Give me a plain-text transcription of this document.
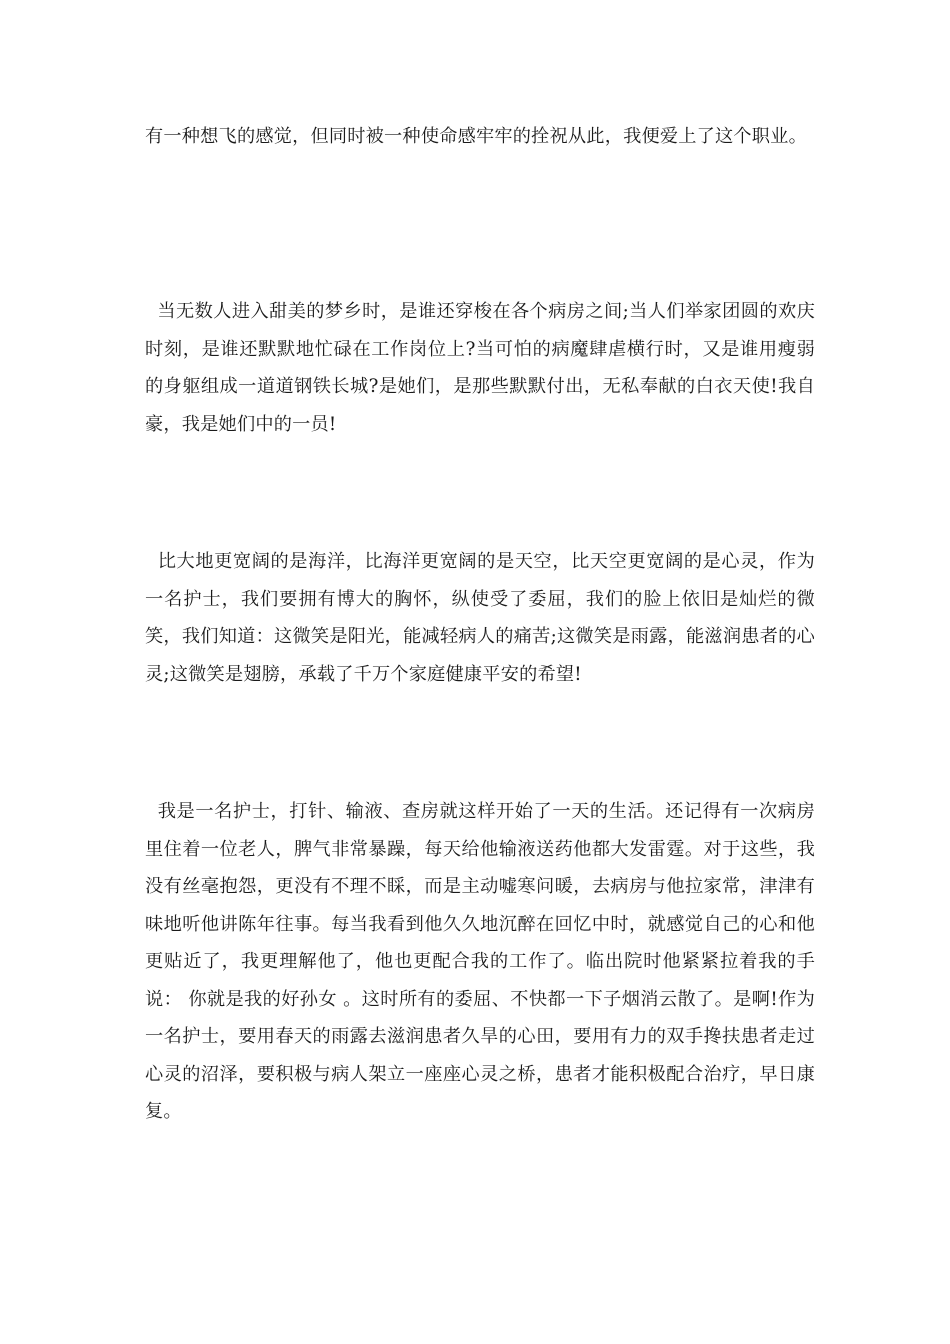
有一种想飞的感觉，但同时被一种使命感牢牢的拴祝从此，我便爱上了这个职业。

当无数人进入甜美的梦乡时，是谁还穿梭在各个病房之间;当人们举家团圆的欢庆时刻，是谁还默默地忙碌在工作岗位上?当可怕的病魔肆虐横行时，又是谁用瘦弱的身躯组成一道道钢铁长城?是她们，是那些默默付出，无私奉献的白衣天使!我自豪，我是她们中的一员!

比大地更宽阔的是海洋，比海洋更宽阔的是天空，比天空更宽阔的是心灵，作为一名护士，我们要拥有博大的胸怀，纵使受了委屈，我们的脸上依旧是灿烂的微笑，我们知道：这微笑是阳光，能减轻病人的痛苦;这微笑是雨露，能滋润患者的心灵;这微笑是翅膀，承载了千万个家庭健康平安的希望!

我是一名护士，打针、输液、查房就这样开始了一天的生活。还记得有一次病房里住着一位老人，脾气非常暴躁，每天给他输液送药他都大发雷霆。对于这些，我没有丝毫抱怨，更没有不理不睬，而是主动嘘寒问暖，去病房与他拉家常，津津有味地听他讲陈年往事。每当我看到他久久地沉醉在回忆中时，就感觉自己的心和他更贴近了，我更理解他了，他也更配合我的工作了。临出院时他紧紧拉着我的手说： 你就是我的好孙女 。这时所有的委屈、不快都一下子烟消云散了。是啊!作为一名护士，要用春天的雨露去滋润患者久旱的心田，要用有力的双手搀扶患者走过心灵的沼泽，要积极与病人架立一座座心灵之桥，患者才能积极配合治疗，早日康复。
